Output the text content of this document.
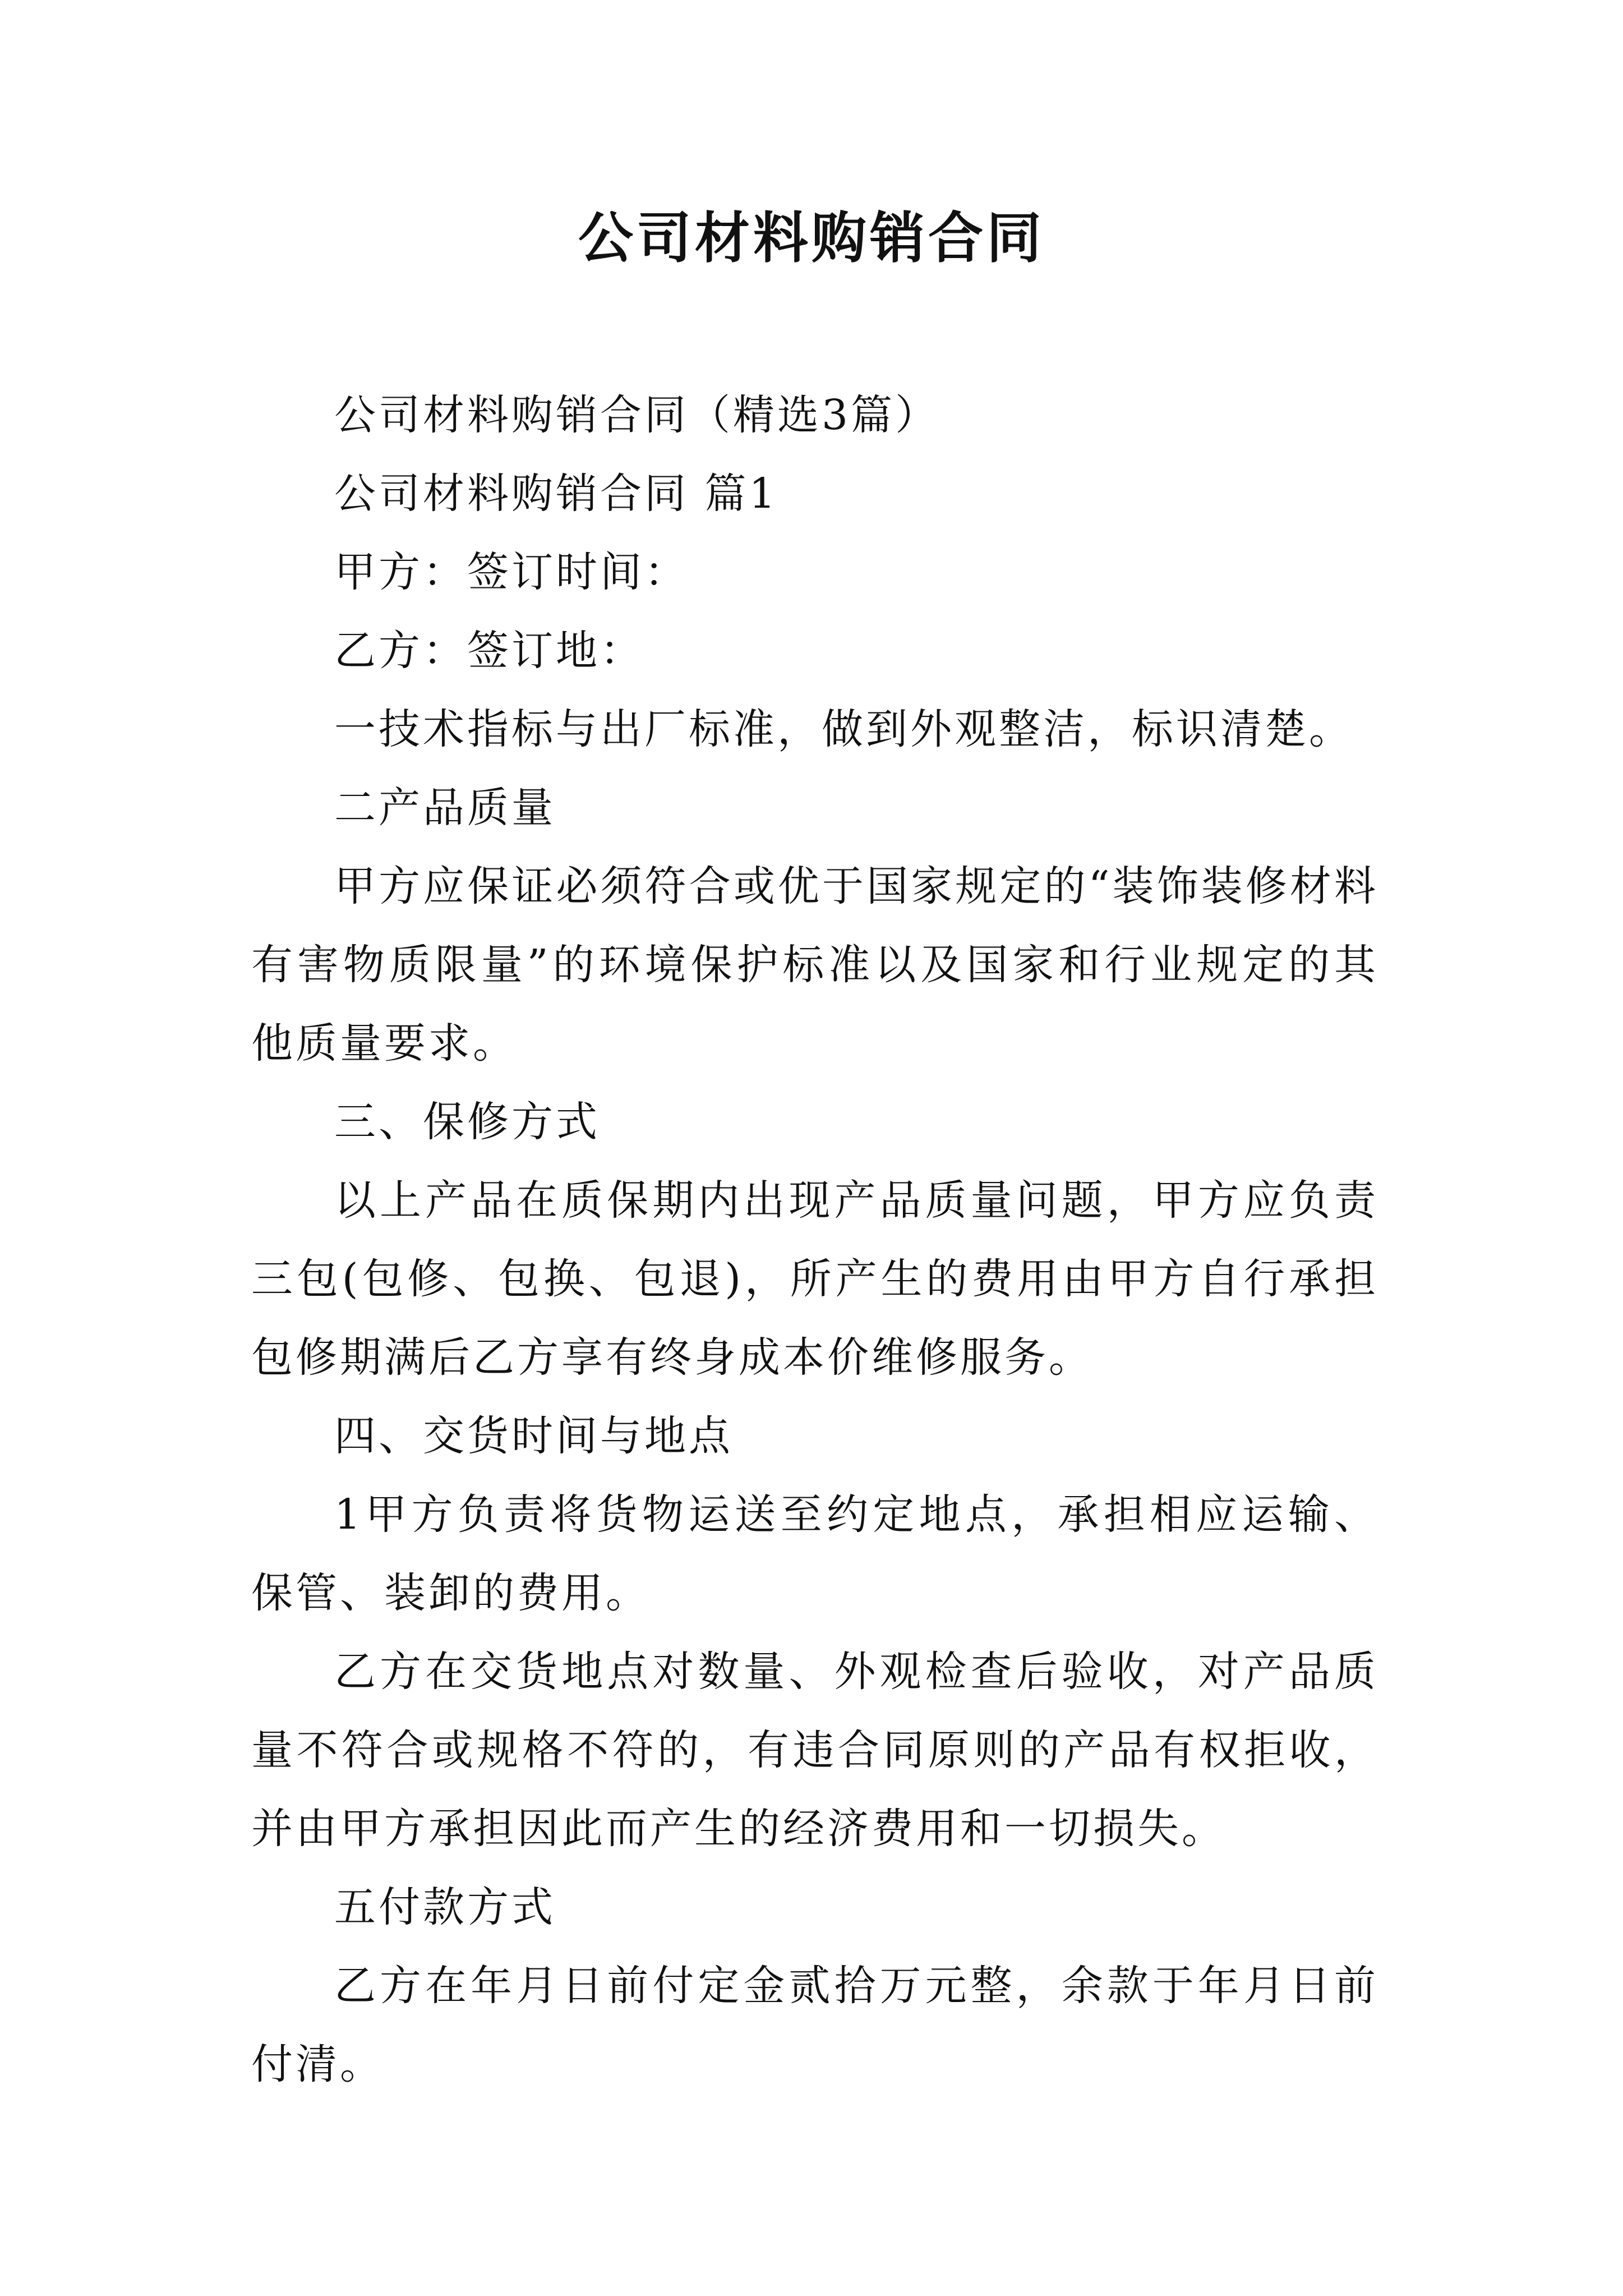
公司材料购销合同

公司材料购销合同（精选3篇）

公司材料购销合同 篇1

甲方：签订时间：

乙方：签订地：

一技术指标与出厂标准，做到外观整洁，标识清楚。

二产品质量

甲方应保证必须符合或优于国家规定的“装饰装修材料有害物质限量”的环境保护标准以及国家和行业规定的其他质量要求。

三、保修方式

以上产品在质保期内出现产品质量问题，甲方应负责三包(包修、包换、包退)，所产生的费用由甲方自行承担包修期满后乙方享有终身成本价维修服务。

四、交货时间与地点

1甲方负责将货物运送至约定地点，承担相应运输、保管、装卸的费用。

乙方在交货地点对数量、外观检查后验收，对产品质量不符合或规格不符的，有违合同原则的产品有权拒收，并由甲方承担因此而产生的经济费用和一切损失。

五付款方式

乙方在年月日前付定金贰拾万元整，余款于年月日前付清。
